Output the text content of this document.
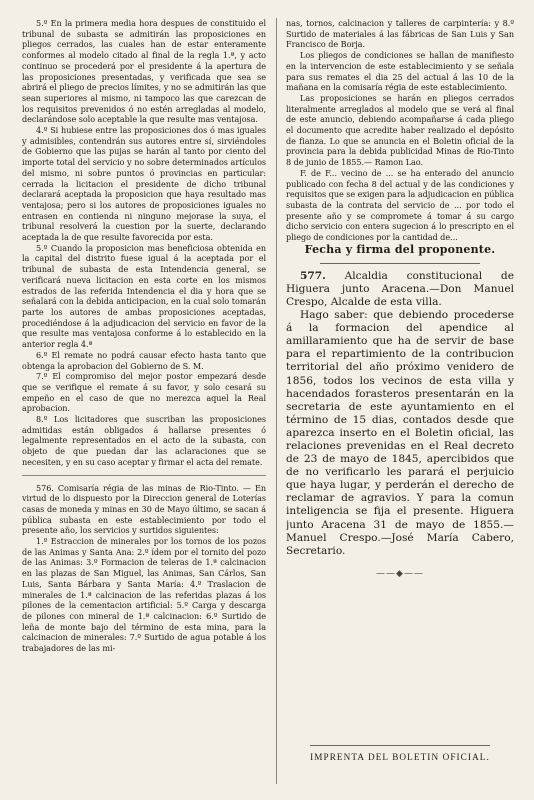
5.º En la primera media hora despues de constituido el tribunal de subasta se admitirán las proposiciones en pliegos cerrados, las cuales han de estar enteramente conformes al modelo citado al final de la regla 1.ª, y acto continuo se procederá por el presidente á la apertura de las proposiciones presentadas, y verificada que sea se abrirá el pliego de precios límites, y no se admitirán las que sean superiores al mismo, ni tampoco las que carezcan de los requisitos prevenidos ó no estén arregladas al modelo, declarándose solo aceptable la que resulte mas ventajosa.

4.º Si hubiese entre las proposiciones dos ó mas iguales y admisibles, contendrán sus autores entre sí, sirviéndoles de Gobierno que las pujas se harán al tanto por ciento del importe total del servicio y no sobre determinados artículos del mismo, ni sobre puntos ó provincias en particular: cerrada la licitacion el presidente de dicho tribunal declarará aceptada la proposicion que haya resultado mas ventajosa; pero si los autores de proposiciones iguales no entrasen en contienda ni ninguno mejorase la suya, el tribunal resolverá la cuestion por la suerte, declarando aceptada la de que resulte favorecida por esta.

5.º Cuando la proposicion mas beneficiosa obtenida en la capital del distrito fuese igual á la aceptada por el tribunal de subasta de esta Intendencia general, se verificará nueva licitacion en esta corte en los mismos estrados de las referida Intendencia el dia y hora que se señalará con la debida anticipacion, en la cual solo tomarán parte los autores de ambas proposiciones aceptadas, procediéndose á la adjudicacion del servicio en favor de la que resulte mas ventajosa conforme á lo establecido en la anterior regla 4.ª

6.º El remate no podrá causar efecto hasta tanto que obtenga la aprobacion del Gobierno de S. M.

7.º El compromiso del mejor postor empezará desde que se verifique el remate á su favor, y solo cesará su empeño en el caso de que no merezca aquel la Real aprobacion.

8.º Los licitadores que suscriban las proposiciones admitidas están obligados á hallarse presentes ó legalmente representados en el acto de la subasta, con objeto de que puedan dar las aclaraciones que se necesiten, y en su caso aceptar y firmar el acta del remate.

576. Comisaría régia de las minas de Rio-Tinto. — En virtud de lo dispuesto por la Direccion general de Loterías casas de moneda y minas en 30 de Mayo último, se sacan á pública subasta en este establecimiento por todo el presente año, los servicios y surtidos siguientes:

1.º Estraccion de minerales por los tornos de los pozos de las Animas y Santa Ana: 2.º ídem por el tornito del pozo de las Animas: 3.º Formacion de teleras de 1.ª calcinacion en las plazas de San Miguel, las Animas, San Cárlos, San Luis, Santa Bárbara y Santa María: 4.º Traslacion de minerales de 1.ª calcinacion de las referidas plazas á los pilones de la cementacion artificial: 5.º Carga y descarga de pilones con mineral de 1.ª calcinacion: 6.º Surtido de leña de monte bajo del término de esta mina, para la calcinacion de minerales: 7.º Surtido de agua potable á los trabajadores de las mi-

nas, tornos, calcinacion y talleres de carpintería: y 8.º Surtido de materiales á las fábricas de San Luis y San Francisco de Borja.

Los pliegos de condiciones se hallan de manifiesto en la intervencion de este establecimiento y se señala para sus remates el dia 25 del actual á las 10 de la mañana en la comisaría régia de este establecimiento.

Las proposiciones se harán en pliegos cerrados literalmente arreglados al modelo que se verá al final de este anuncio, debiendo acompañarse á cada pliego el documento que acredite haber realizado el depósito de fianza. Lo que se anuncia en el Boletin oficial de la provincia para la debida publicidad Minas de Rio-Tinto 8 de junio de 1855.— Ramon Lao.

F. de F... vecino de ... se ha enterado del anuncio publicado con fecha 8 del actual y de las condiciones y requisitos que se exigen para la adjudicacion en pública subasta de la contrata del servicio de ... por todo el presente año y se compromete á tomar á su cargo dicho servicio con entera sugecion á lo prescripto en el pliego de condiciones por la cantidad de...

Fecha y firma del proponente.

577. Alcaldia constitucional de Higuera junto Aracena.—Don Manuel Crespo, Alcalde de esta villa.

Hago saber: que debiendo procederse á la formacion del apendice al amillaramiento que ha de servir de base para el repartimiento de la contribucion territorial del año próximo venidero de 1856, todos los vecinos de esta villa y hacendados forasteros presentarán en la secretaria de este ayuntamiento en el término de 15 dias, contados desde que aparezca inserto en el Boletin oficial, las relaciones prevenidas en el Real decreto de 23 de mayo de 1845, apercibidos que de no verificarlo les parará el perjuicio que haya lugar, y perderán el derecho de reclamar de agravios. Y para la comun inteligencia se fija el presente. Higuera junto Aracena 31 de mayo de 1855.—Manuel Crespo.—José María Cabero, Secretario.

——◆——
IMPRENTA DEL BOLETIN OFICIAL.
